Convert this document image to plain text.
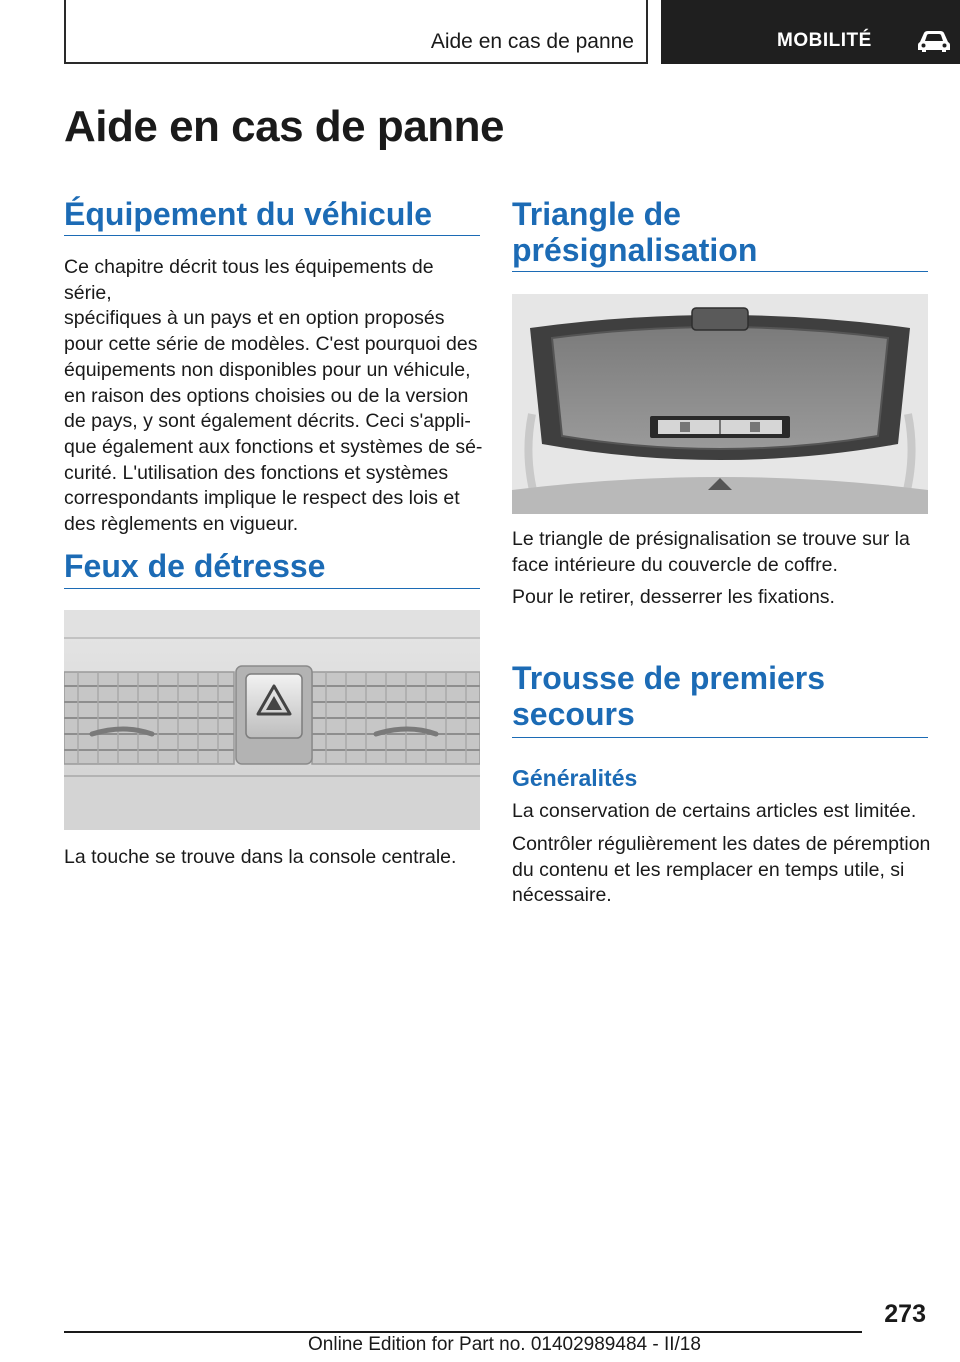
Aide en cas de panne	MOBILITÉ
Aide en cas de panne
Équipement du véhicule
Ce chapitre décrit tous les équipements de série,
spécifiques à un pays et en option proposés
pour cette série de modèles. C'est pourquoi des
équipements non disponibles pour un véhicule,
en raison des options choisies ou de la version
de pays, y sont également décrits. Ceci s'appli‐
que également aux fonctions et systèmes de sé‐
curité. L'utilisation des fonctions et systèmes
correspondants implique le respect des lois et
des règlements en vigueur.
Feux de détresse
La touche se trouve dans la console centrale.
Triangle de
présignalisation
Le triangle de présignalisation se trouve sur la
face intérieure du couvercle de coffre.
Pour le retirer, desserrer les fixations.
Trousse de premiers
secours
Généralités
La conservation de certains articles est limitée.
Contrôler régulièrement les dates de péremption
du contenu et les remplacer en temps utile, si
nécessaire.
273
Online Edition for Part no. 01402989484 - II/18
